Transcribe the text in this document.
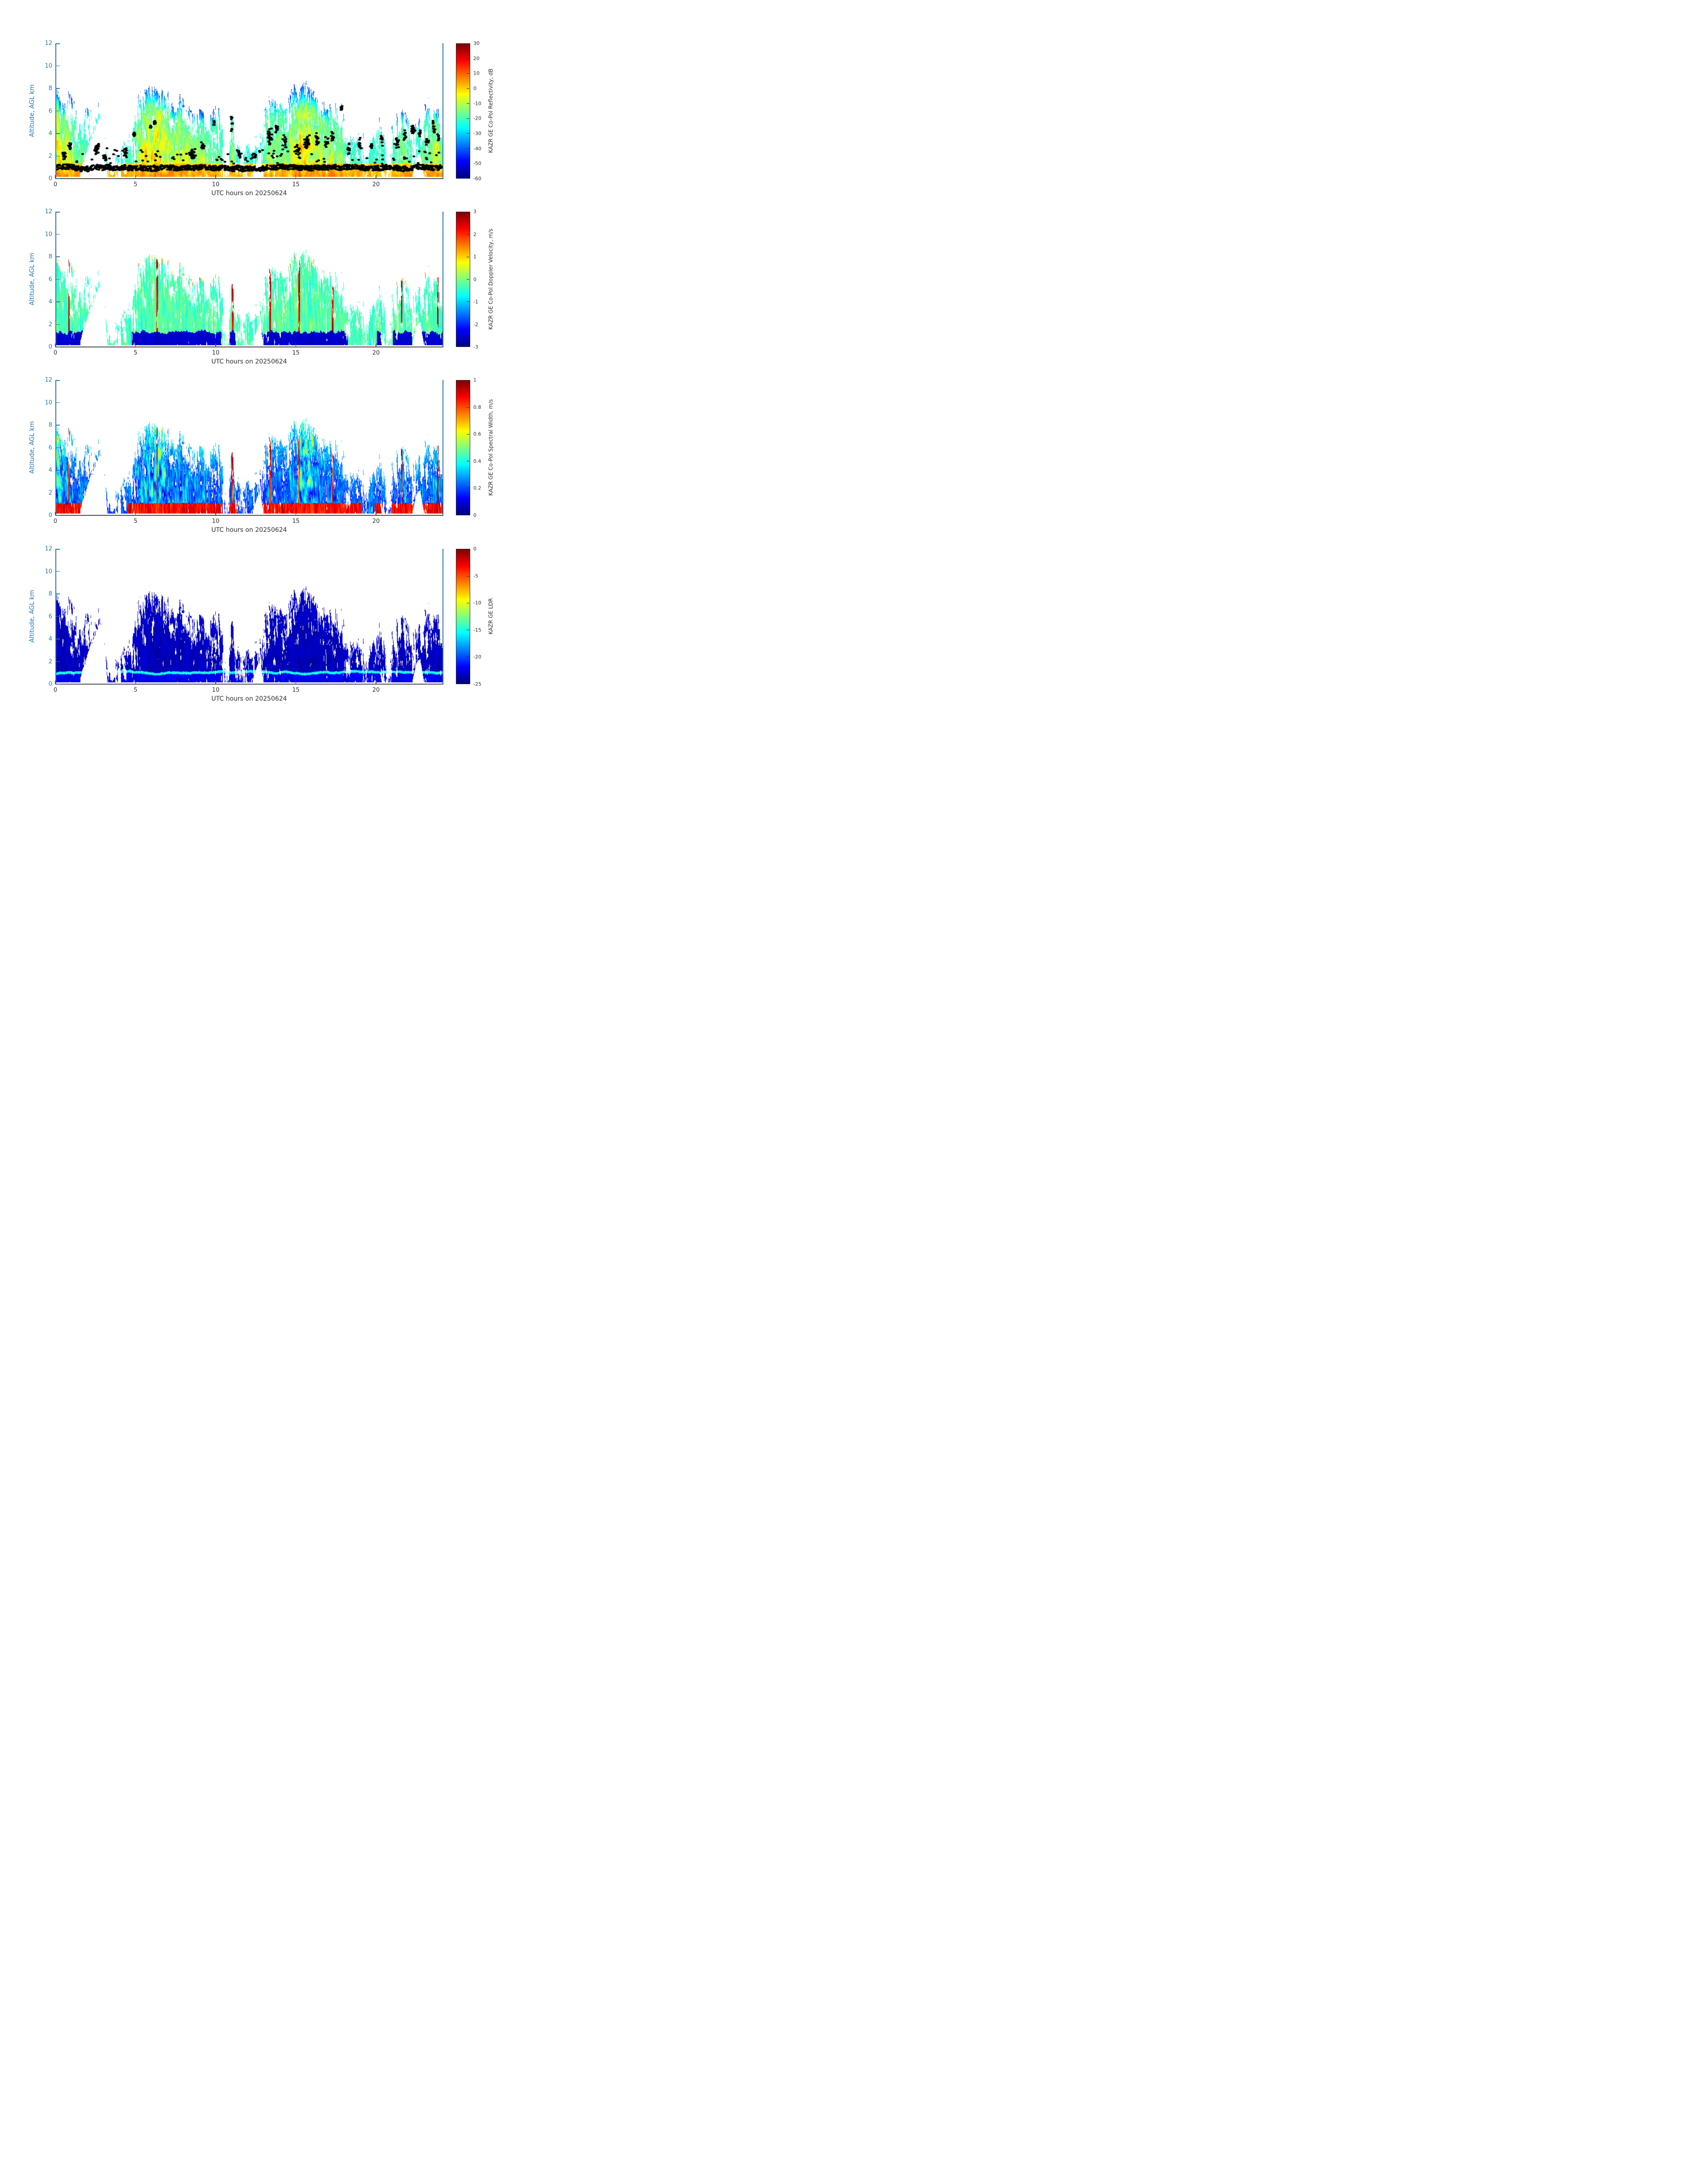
Altitude, AGL km
0
2
4
6
8
10
12
0	5	10	15	20
UTC hours on 20250624
30
20
10
0
-10
-20
-30
-40
-50
-60
KAZR GE Co-Pol Reflectivity, dB
Altitude, AGL km
0
2
4
6
8
10
12
0	5	10	15	20
UTC hours on 20250624
3
2
1
0
-1
-2
-3
KAZR GE Co-Pol Doppler Velocity, m/s
Altitude, AGL km
0
2
4
6
8
10
12
0	5	10	15	20
UTC hours on 20250624
1
0.8
0.6
0.4
0.2
0
KAZR GE Co-Pol Spectral Width, m/s
Altitude, AGL km
0
2
4
6
8
10
12
0	5	10	15	20
UTC hours on 20250624
0
-5
-10
-15
-20
-25
KAZR GE LDR
